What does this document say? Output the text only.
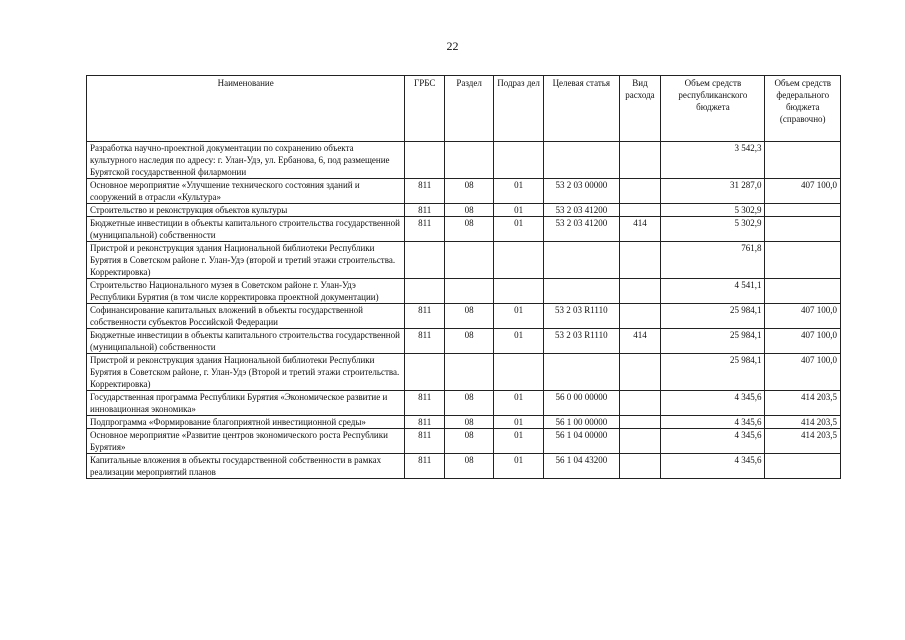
22
Наименование	ГРБС	Раздел	Подраз дел	Целевая статья	Вид расхода	Объем средств республиканского бюджета	Объем средств федерального бюджета (справочно)
Разработка научно-проектной документации по сохранению объекта культурного наследия по адресу: г. Улан-Удэ, ул. Ербанова, 6, под размещение Бурятской государственной филармонии						3 542,3	
Основное мероприятие «Улучшение технического состояния зданий и сооружений в отрасли «Культура»	811	08	01	53 2 03 00000		31 287,0	407 100,0
Строительство и реконструкция объектов культуры	811	08	01	53 2 03 41200		5 302,9	
Бюджетные инвестиции в объекты капитального строительства государственной (муниципальной) собственности	811	08	01	53 2 03 41200	414	5 302,9	
Пристрой и реконструкция здания Национальной библиотеки Республики Бурятия в Советском районе г. Улан-Удэ (второй и третий этажи строительства. Корректировка)						761,8	
Строительство Национального музея в Советском районе г. Улан-Удэ Республики Бурятия (в том числе корректировка проектной документации)						4 541,1	
Софинансирование капитальных вложений в объекты государственной собственности субъектов Российской Федерации	811	08	01	53 2 03 R1110		25 984,1	407 100,0
Бюджетные инвестиции в объекты капитального строительства государственной (муниципальной) собственности	811	08	01	53 2 03 R1110	414	25 984,1	407 100,0
Пристрой и реконструкция здания Национальной библиотеки Республики Бурятия в Советском районе, г. Улан-Удэ (Второй и третий этажи строительства. Корректировка)						25 984,1	407 100,0
Государственная программа Республики Бурятия «Экономическое развитие и инновационная экономика»	811	08	01	56 0 00 00000		4 345,6	414 203,5
Подпрограмма «Формирование благоприятной инвестиционной среды»	811	08	01	56 1 00 00000		4 345,6	414 203,5
Основное мероприятие «Развитие центров экономического роста Республики Бурятия»	811	08	01	56 1 04 00000		4 345,6	414 203,5
Капитальные вложения в объекты государственной собственности в рамках реализации мероприятий планов	811	08	01	56 1 04 43200		4 345,6	
